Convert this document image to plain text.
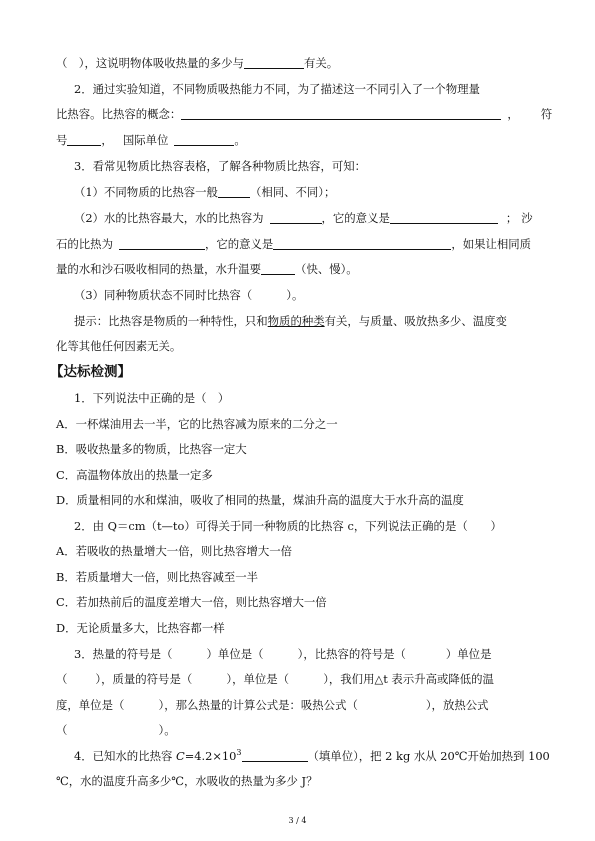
（　），这说明物体吸收热量的多少与	有关。
2．通过实验知道，不同物质吸热能力不同，为了描述这一不同引入了一个物理量
比热容。比热容的概念：	， 符
号	， 国际单位	。
3．看常见物质比热容表格，了解各种物质比热容，可知：
（1）不同物质的比热容一般	（相同、不同）；
（2）水的比热容最大，水的比热容为	，它的意义是	； 沙
石的比热为	，它的意义是	，如果让相同质
量的水和沙石吸收相同的热量，水升温要	（快、慢）。
（3）同种物质状态不同时比热容（　　　）。
提示：比热容是物质的一种特性，只和物质的种类有关，与质量、吸放热多少、温度变
化等其他任何因素无关。
【达标检测】
1．下列说法中正确的是（　）
A．一杯煤油用去一半，它的比热容减为原来的二分之一
B．吸收热量多的物质，比热容一定大
C．高温物体放出的热量一定多
D．质量相同的水和煤油，吸收了相同的热量，煤油升高的温度大于水升高的温度
2．由 Q＝cm（t—to）可得关于同一种物质的比热容 c，下列说法正确的是（　　）
A．若吸收的热量增大一倍，则比热容增大一倍
B．若质量增大一倍，则比热容减至一半
C．若加热前后的温度差增大一倍，则比热容增大一倍
D．无论质量多大，比热容都一样
3．热量的符号是（　　　）单位是（　　　），比热容的符号是（	）单位是
（ ），质量的符号是（　　　），单位是（　　　），我们用△t 表示升高或降低的温
度，单位是（　　　），那么热量的计算公式是：吸热公式（	），放热公式
（　　　　　　　　）。
4．已知水的比热容 $C=4.2\times 10^3$	（填单位），把 2 kg 水从 20℃开始加热到 100
℃，水的温度升高多少℃，水吸收的热量为多少 J？
3 / 4
